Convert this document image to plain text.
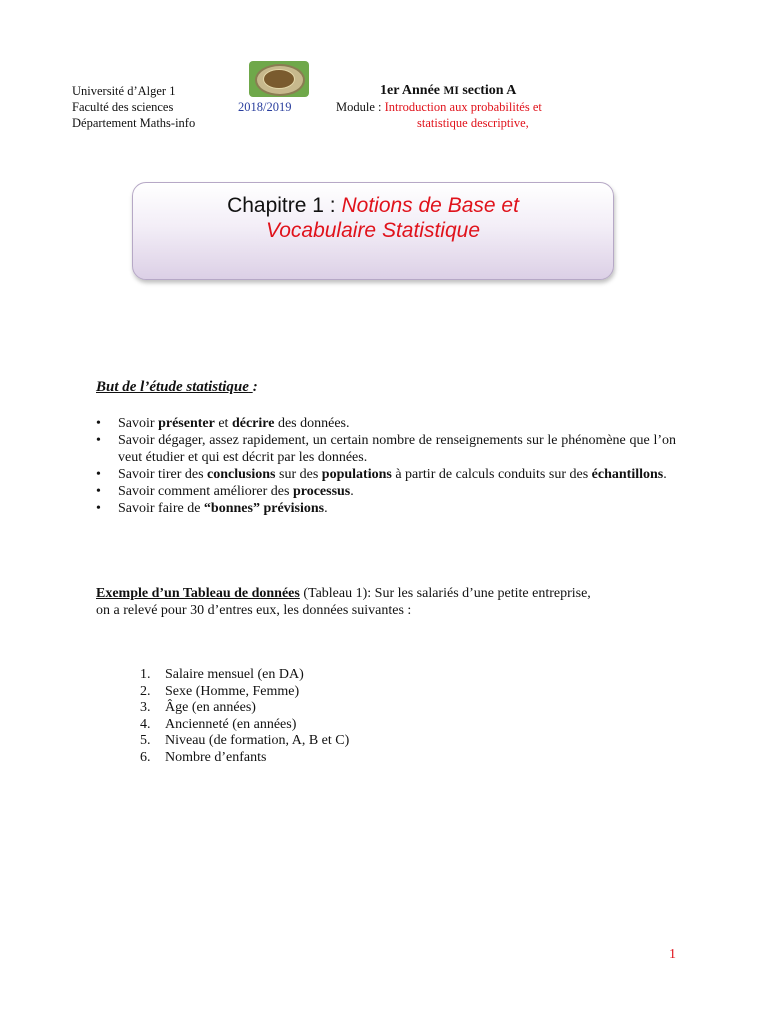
Université d’Alger 1
Faculté des sciences
Département Maths-info
2018/2019
1er Année MI section A
Module : Introduction aux probabilités et
statistique descriptive,
Chapitre 1 : Notions de Base et
Vocabulaire Statistique
But de l’étude statistique :
• Savoir présenter et décrire des données.
• Savoir dégager, assez rapidement, un certain nombre de renseignements sur le phénomène que l’on veut étudier et qui est décrit par les données.
• Savoir tirer des conclusions sur des populations à partir de calculs conduits sur des échantillons.
• Savoir comment améliorer des processus.
• Savoir faire de “bonnes” prévisions.
Exemple d’un Tableau de données (Tableau 1): Sur les salariés d’une petite entreprise, on a relevé pour 30 d’entres eux, les données suivantes :
1. Salaire mensuel (en DA)
2. Sexe (Homme, Femme)
3. Âge (en années)
4. Ancienneté (en années)
5. Niveau (de formation, A, B et C)
6. Nombre d’enfants
1
